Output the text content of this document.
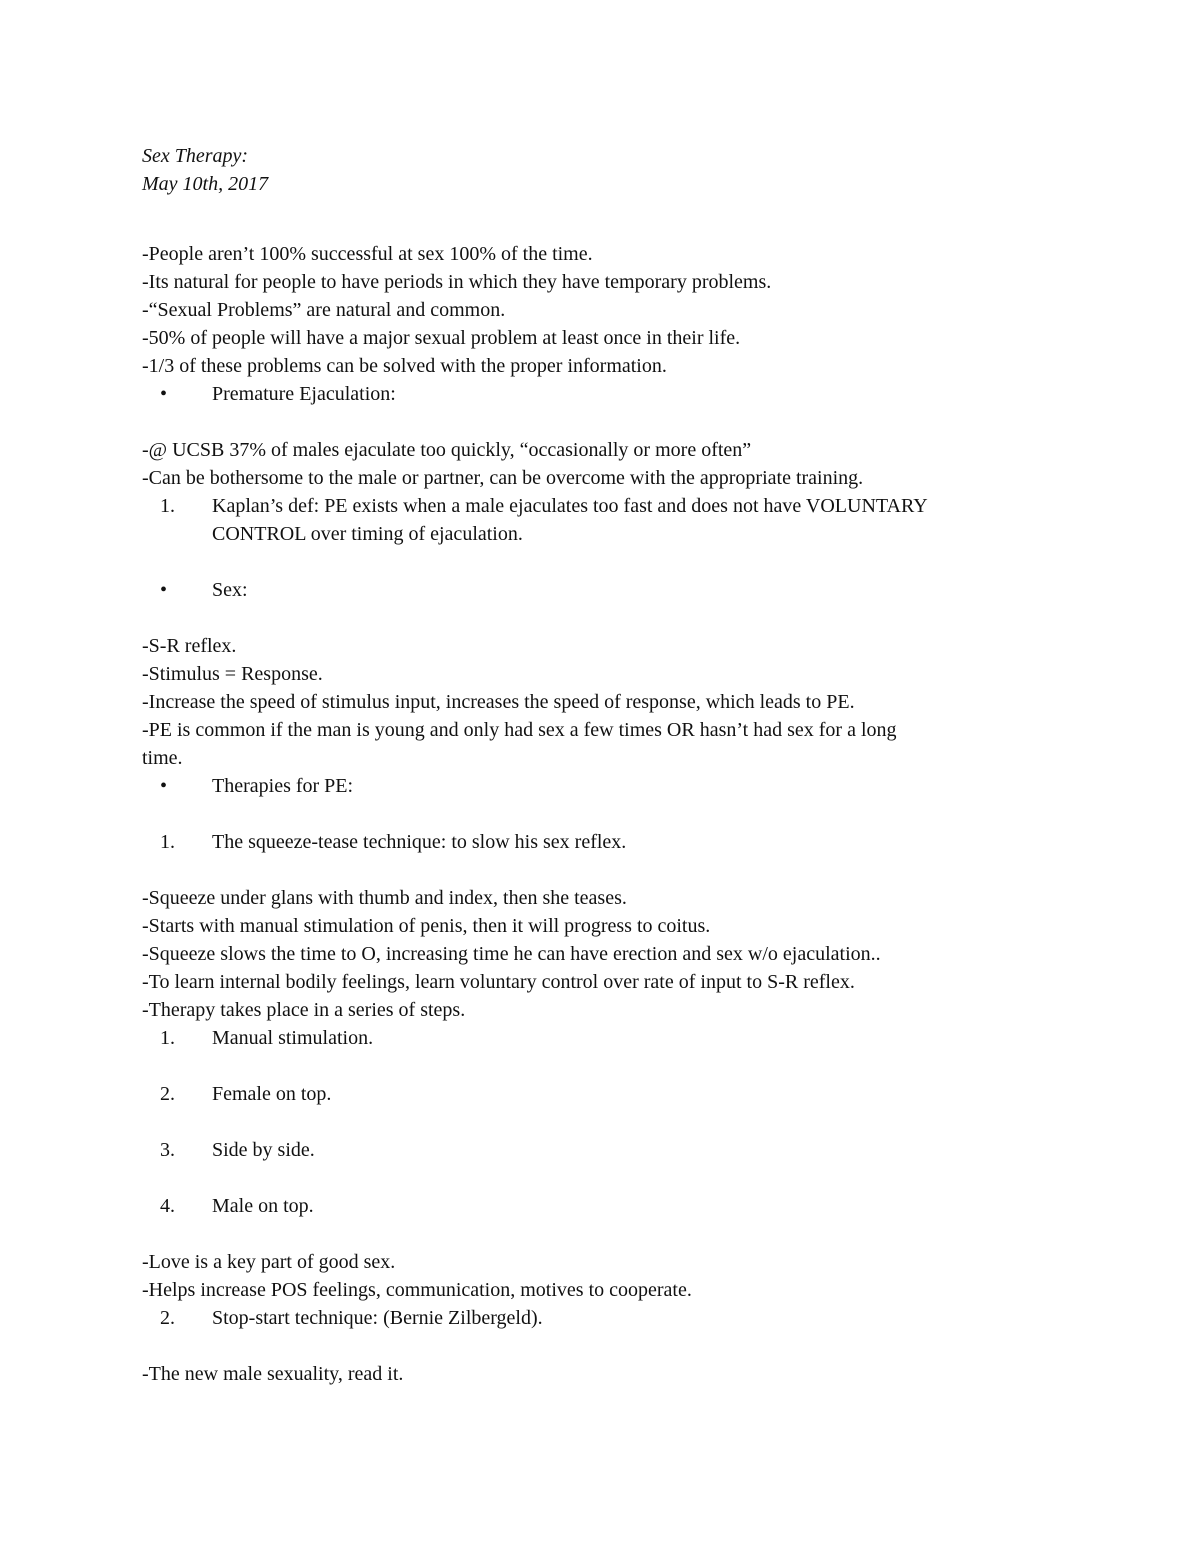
Sex Therapy:
May 10th, 2017
-People aren’t 100% successful at sex 100% of the time.
-Its natural for people to have periods in which they have temporary problems.
-“Sexual Problems” are natural and common.
-50% of people will have a major sexual problem at least once in their life.
-1/3 of these problems can be solved with the proper information.
• Premature Ejaculation:
-@ UCSB 37% of males ejaculate too quickly, “occasionally or more often”
-Can be bothersome to the male or partner, can be overcome with the appropriate training.
1. Kaplan’s def: PE exists when a male ejaculates too fast and does not have VOLUNTARY
CONTROL over timing of ejaculation.
• Sex:
-S-R reflex.
-Stimulus = Response.
-Increase the speed of stimulus input, increases the speed of response, which leads to PE.
-PE is common if the man is young and only had sex a few times OR hasn’t had sex for a long
time.
• Therapies for PE:
1. The squeeze-tease technique: to slow his sex reflex.
-Squeeze under glans with thumb and index, then she teases.
-Starts with manual stimulation of penis, then it will progress to coitus.
-Squeeze slows the time to O, increasing time he can have erection and sex w/o ejaculation..
-To learn internal bodily feelings, learn voluntary control over rate of input to S-R reflex.
-Therapy takes place in a series of steps.
1. Manual stimulation.
2. Female on top.
3. Side by side.
4. Male on top.
-Love is a key part of good sex.
-Helps increase POS feelings, communication, motives to cooperate.
2. Stop-start technique: (Bernie Zilbergeld).
-The new male sexuality, read it.
